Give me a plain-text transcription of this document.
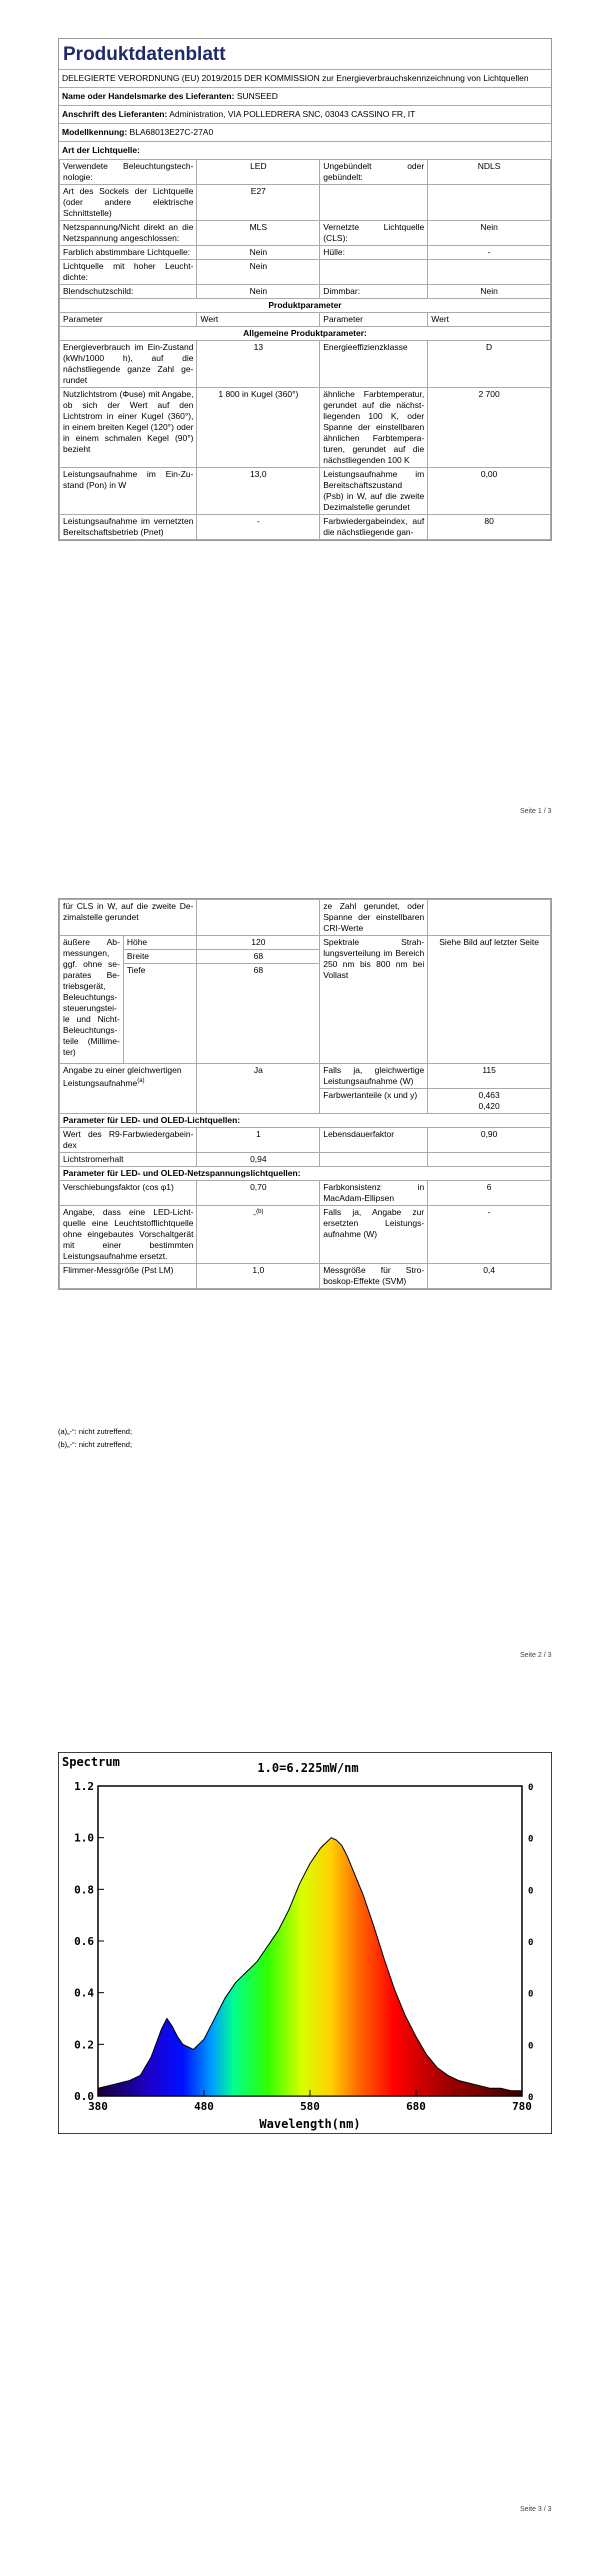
Produktdatenblatt
DELEGIERTE VERORDNUNG (EU) 2019/2015 DER KOMMISSION zur Energieverbrauchskennzeichnung von Lichtquellen
Name oder Handelsmarke des Lieferanten: SUNSEED
Anschrift des Lieferanten: Administration, VIA POLLEDRERA SNC, 03043 CASSINO FR, IT
Modellkennung: BLA68013E27C-27A0
Art der Lichtquelle:
Verwendete Beleuchtungstechnologie:	LED	Ungebündelt oder gebündelt:	NDLS
Art des Sockels der Lichtquelle (oder andere elektrische Schnittstelle)	E27		
Netzspannung/Nicht direkt an die Netzspannung angeschlossen:	MLS	Vernetzte Lichtquelle (CLS):	Nein
Farblich abstimmbare Lichtquelle:	Nein	Hülle:	-
Lichtquelle mit hoher Leuchtdichte:	Nein		
Blendschutzschild:	Nein	Dimmbar:	Nein
Produktparameter			
Parameter	Wert	Parameter	Wert
Allgemeine Produktparameter:			
Energieverbrauch im Ein-Zustand (kWh/1000 h), auf die nächstliegende ganze Zahl gerundet	13	Energieeffizienzklasse	D
Nutzlichtstrom (Φuse) mit Angabe, ob sich der Wert auf den Lichtstrom in einer Kugel (360°), in einem breiten Kegel (120°) oder in einem schmalen Kegel (90°) bezieht	1 800 in Kugel (360°)	ähnliche Farbtemperatur, gerundet auf die nächstliegenden 100 K, oder Spanne der einstellbaren ähnlichen Farbtemperaturen, gerundet auf die nächstliegenden 100 K	2 700
Leistungsaufnahme im Ein-Zustand (Pon) in W	13,0	Leistungsaufnahme im Bereitschaftszustand (Psb) in W, auf die zweite Dezimalstelle gerundet	0,00
Leistungsaufnahme im vernetzten Bereitschaftsbetrieb (Pnet)	-	Farbwiedergabeindex, auf die nächstliegende gan-	80
Seite 1 / 3
für CLS in W, auf die zweite Dezimalstelle gerundet			ze Zahl gerundet, oder Spanne der einstellbaren CRI-Werte	
äußere Abmessungen, ggf. ohne separates Betriebsgerät, Beleuchtungssteuerungsteile und Nicht-Beleuchtungsteile (Millimeter)	Höhe	120	Spektrale Strahlungsverteilung im Bereich 250 nm bis 800 nm bei Vollast	Siehe Bild auf letzter Seite
	Breite	68		
	Tiefe	68		
Angabe zu einer gleichwertigen Leistungsaufnahme$^{(a)}$		Ja	Falls ja, gleichwertige Leistungsaufnahme (W)	115
			Farbwertanteile (x und y)	0,463
0,420

Parameter für LED- und OLED-Lichtquellen:				
Wert des R9-Farbwiedergabeindex		1	Lebensdauerfaktor	0,90
Lichtstromerhalt		0,94		
Parameter für LED- und OLED-Netzspannungslichtquellen:				
Verschiebungsfaktor (cos φ1)		0,70	Farbkonsistenz in MacAdam-Ellipsen	6
Angabe, dass eine LED-Lichtquelle eine Leuchtstofflichtquelle ohne eingebautes Vorschaltgerät mit einer bestimmten Leistungsaufnahme ersetzt.		-$^{(b)}$	Falls ja, Angabe zur ersetzten Leistungsaufnahme (W)	-
Flimmer-Messgröße (Pst LM)		1,0	Messgröße für Stroboskop-Effekte (SVM)	0,4
(a)„-“: nicht zutreffend;
(b)„-“: nicht zutreffend;
Seite 2 / 3
Spectrum	1.0=6.225mW/nm
0.0	0
0.2	0
0.4	0
0.6	0
0.8	0
1.0	0
1.2	0
380	480	580	680	780
Wavelength(nm)
Seite 3 / 3
